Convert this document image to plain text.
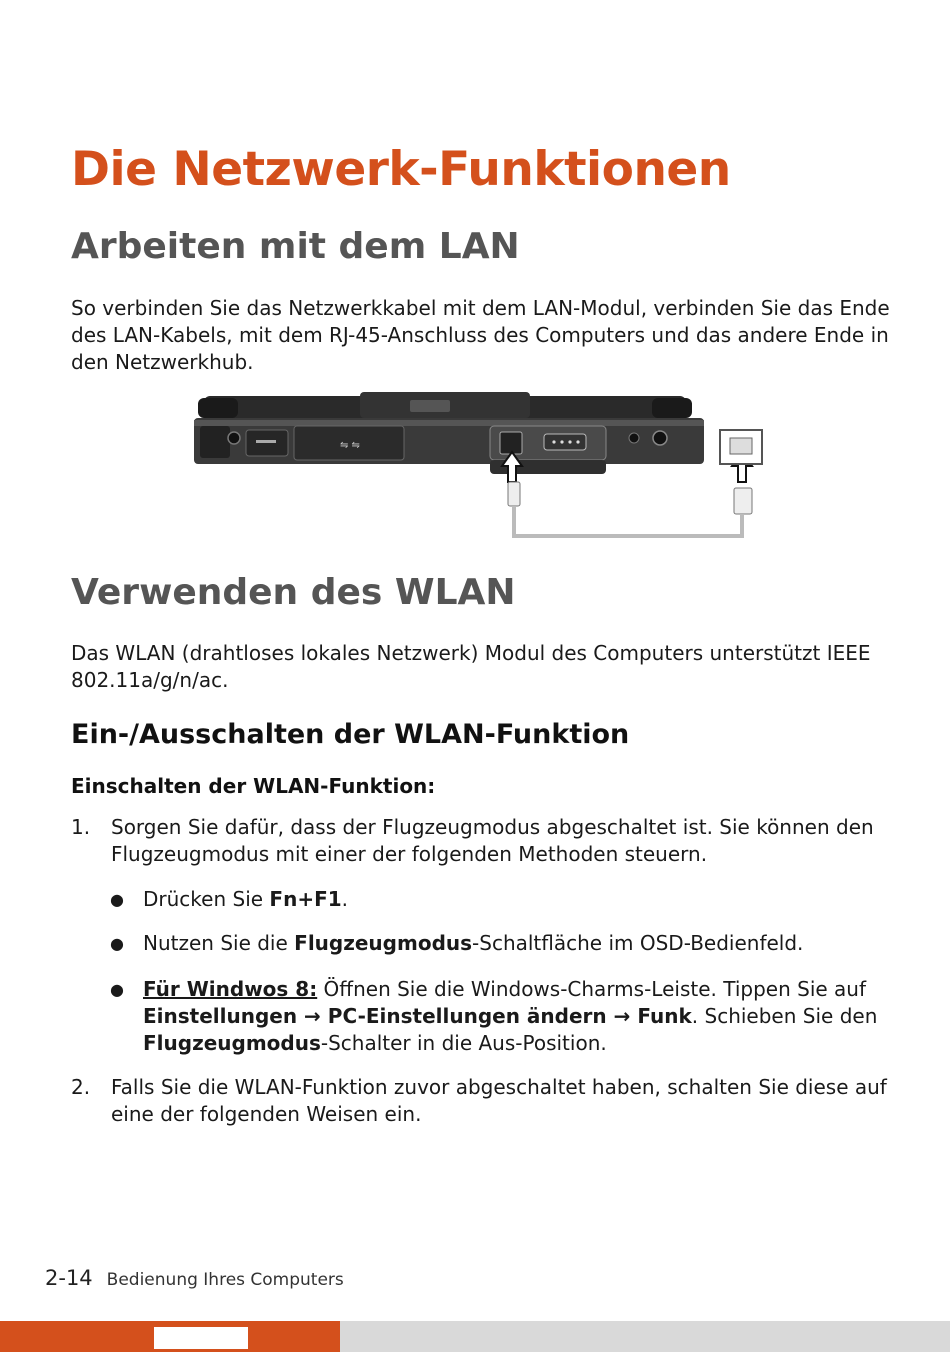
Die Netzwerk-Funktionen
Arbeiten mit dem LAN

So verbinden Sie das Netzwerkkabel mit dem LAN-Modul, verbinden Sie das Ende des LAN-Kabels, mit dem RJ-45-Anschluss des Computers und das andere Ende in den Netzwerkhub.

⇋ ⇋
Verwenden des WLAN

Das WLAN (drahtloses lokales Netzwerk) Modul des Computers unterstützt IEEE 802.11a/g/n/ac.

Ein-/Ausschalten der WLAN-Funktion

Einschalten der WLAN-Funktion:

1. Sorgen Sie dafür, dass der Flugzeugmodus abgeschaltet ist. Sie können den Flugzeugmodus mit einer der folgenden Methoden steuern.
● Drücken Sie Fn+F1.
● Nutzen Sie die Flugzeugmodus-Schaltfläche im OSD-Bedienfeld.
● Für Windwos 8: Öffnen Sie die Windows-Charms-Leiste. Tippen Sie auf Einstellungen → PC-Einstellungen ändern → Funk. Schieben Sie den Flugzeugmodus-Schalter in die Aus-Position.
2. Falls Sie die WLAN-Funktion zuvor abgeschaltet haben, schalten Sie diese auf eine der folgenden Weisen ein.
2-14 Bedienung Ihres Computers
